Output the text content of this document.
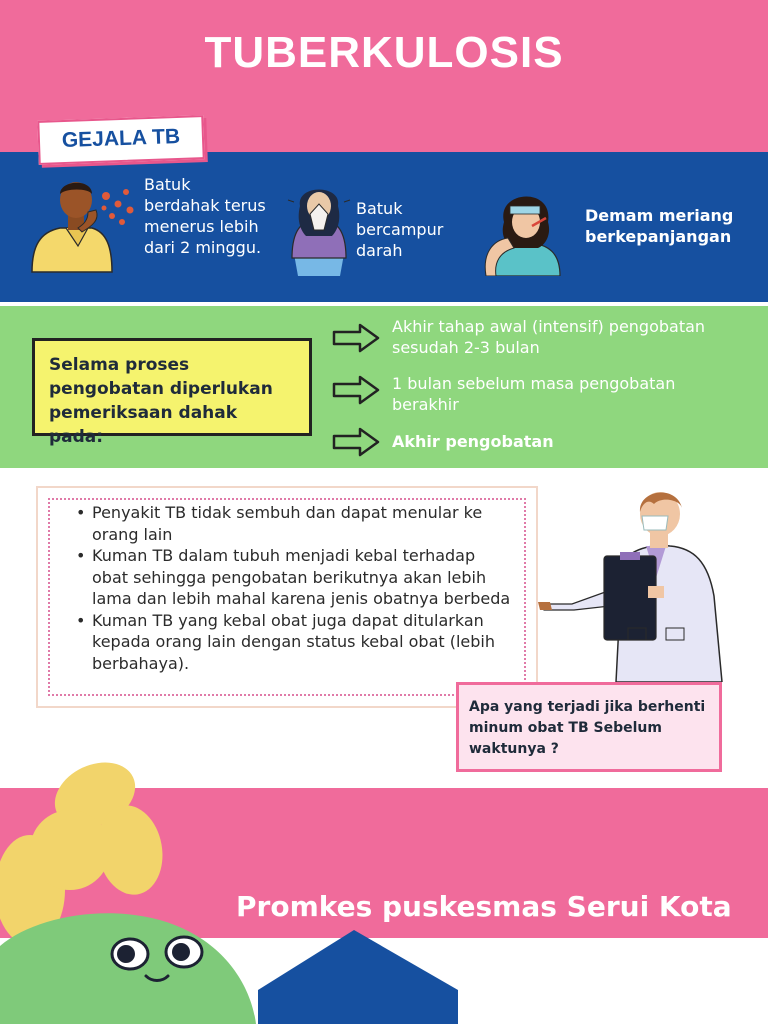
TUBERKULOSIS
GEJALA TB
Batuk berdahak terus menerus lebih dari 2 minggu.
Batuk bercampur darah
Demam meriang berkepanjangan
Selama proses pengobatan diperlukan pemeriksaan dahak pada:
Akhir tahap awal (intensif) pengobatan sesudah 2-3 bulan
1 bulan sebelum masa pengobatan berakhir
Akhir pengobatan
• Penyakit TB tidak sembuh dan dapat menular ke orang lain
• Kuman TB dalam tubuh menjadi kebal terhadap obat sehingga pengobatan berikutnya akan lebih lama dan lebih mahal karena jenis obatnya berbeda
• Kuman TB yang kebal obat juga dapat ditularkan kepada orang lain dengan status kebal obat (lebih berbahaya).
Apa yang terjadi jika berhenti minum obat TB Sebelum waktunya ?
Promkes puskesmas Serui Kota
